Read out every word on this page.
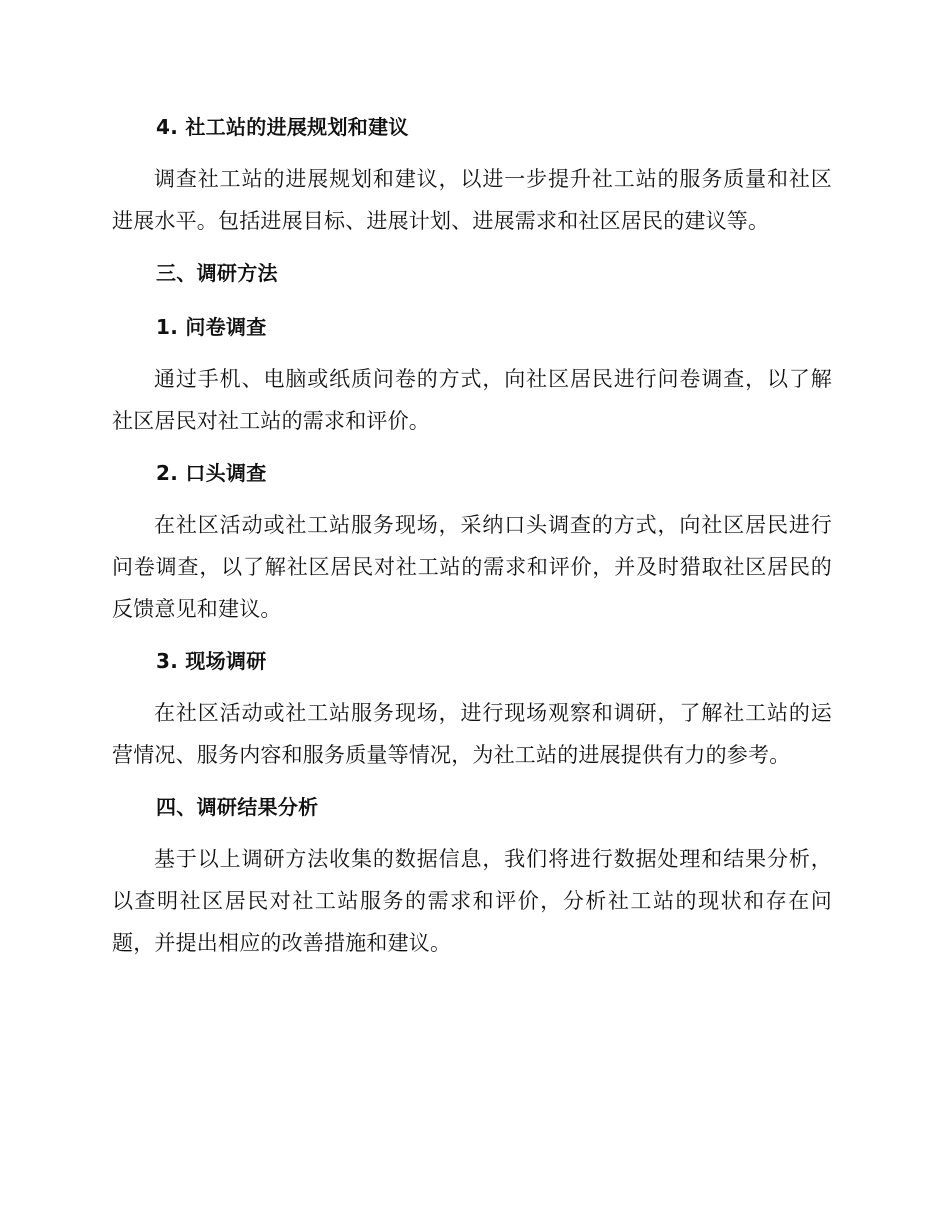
4. 社工站的进展规划和建议

调查社工站的进展规划和建议，以进一步提升社工站的服务质量和社区进展水平。包括进展目标、进展计划、进展需求和社区居民的建议等。

三、调研方法

1. 问卷调查

通过手机、电脑或纸质问卷的方式，向社区居民进行问卷调查，以了解社区居民对社工站的需求和评价。

2. 口头调查

在社区活动或社工站服务现场，采纳口头调查的方式，向社区居民进行问卷调查，以了解社区居民对社工站的需求和评价，并及时猎取社区居民的反馈意见和建议。

3. 现场调研

在社区活动或社工站服务现场，进行现场观察和调研，了解社工站的运营情况、服务内容和服务质量等情况，为社工站的进展提供有力的参考。

四、调研结果分析

基于以上调研方法收集的数据信息，我们将进行数据处理和结果分析，以查明社区居民对社工站服务的需求和评价，分析社工站的现状和存在问题，并提出相应的改善措施和建议。
